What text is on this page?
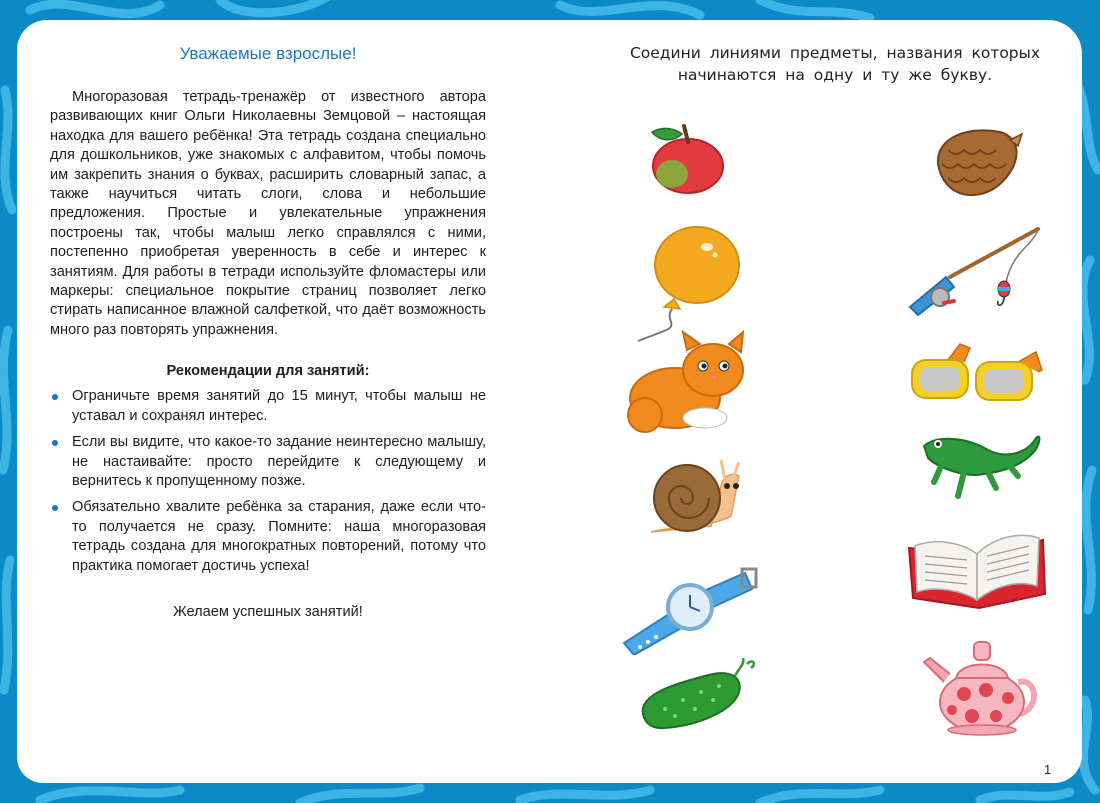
Уважаемые взрослые!

Многоразовая тетрадь-тренажёр от известного автора развивающих книг Ольги Николаевны Земцовой – настоящая находка для вашего ребёнка! Эта тетрадь создана специально для дошкольников, уже знакомых с алфавитом, чтобы помочь им закрепить знания о буквах, расширить словарный запас, а также научиться читать слоги, слова и небольшие предложения. Простые и увлекательные упражнения построены так, чтобы малыш легко справлялся с ними, постепенно приобретая уверенность в себе и интерес к занятиям. Для работы в тетради используйте фломастеры или маркеры: специальное покрытие страниц позволяет легко стирать написанное влажной салфеткой, что даёт возможность много раз повторять упражнения.

Рекомендации для занятий:
Ограничьте время занятий до 15 минут, чтобы малыш не уставал и сохранял интерес.
Если вы видите, что какое-то задание неинтересно малышу, не настаивайте: просто перейдите к следующему и вернитесь к пропущенному позже.
Обязательно хвалите ребёнка за старания, даже если что-то получается не сразу. Помните: наша многоразовая тетрадь создана для многократных повторений, потому что практика помогает достичь успеха!
Желаем успешных занятий!

Соедини линиями предметы, названия которых начинаются на одну и ту же букву.

1
